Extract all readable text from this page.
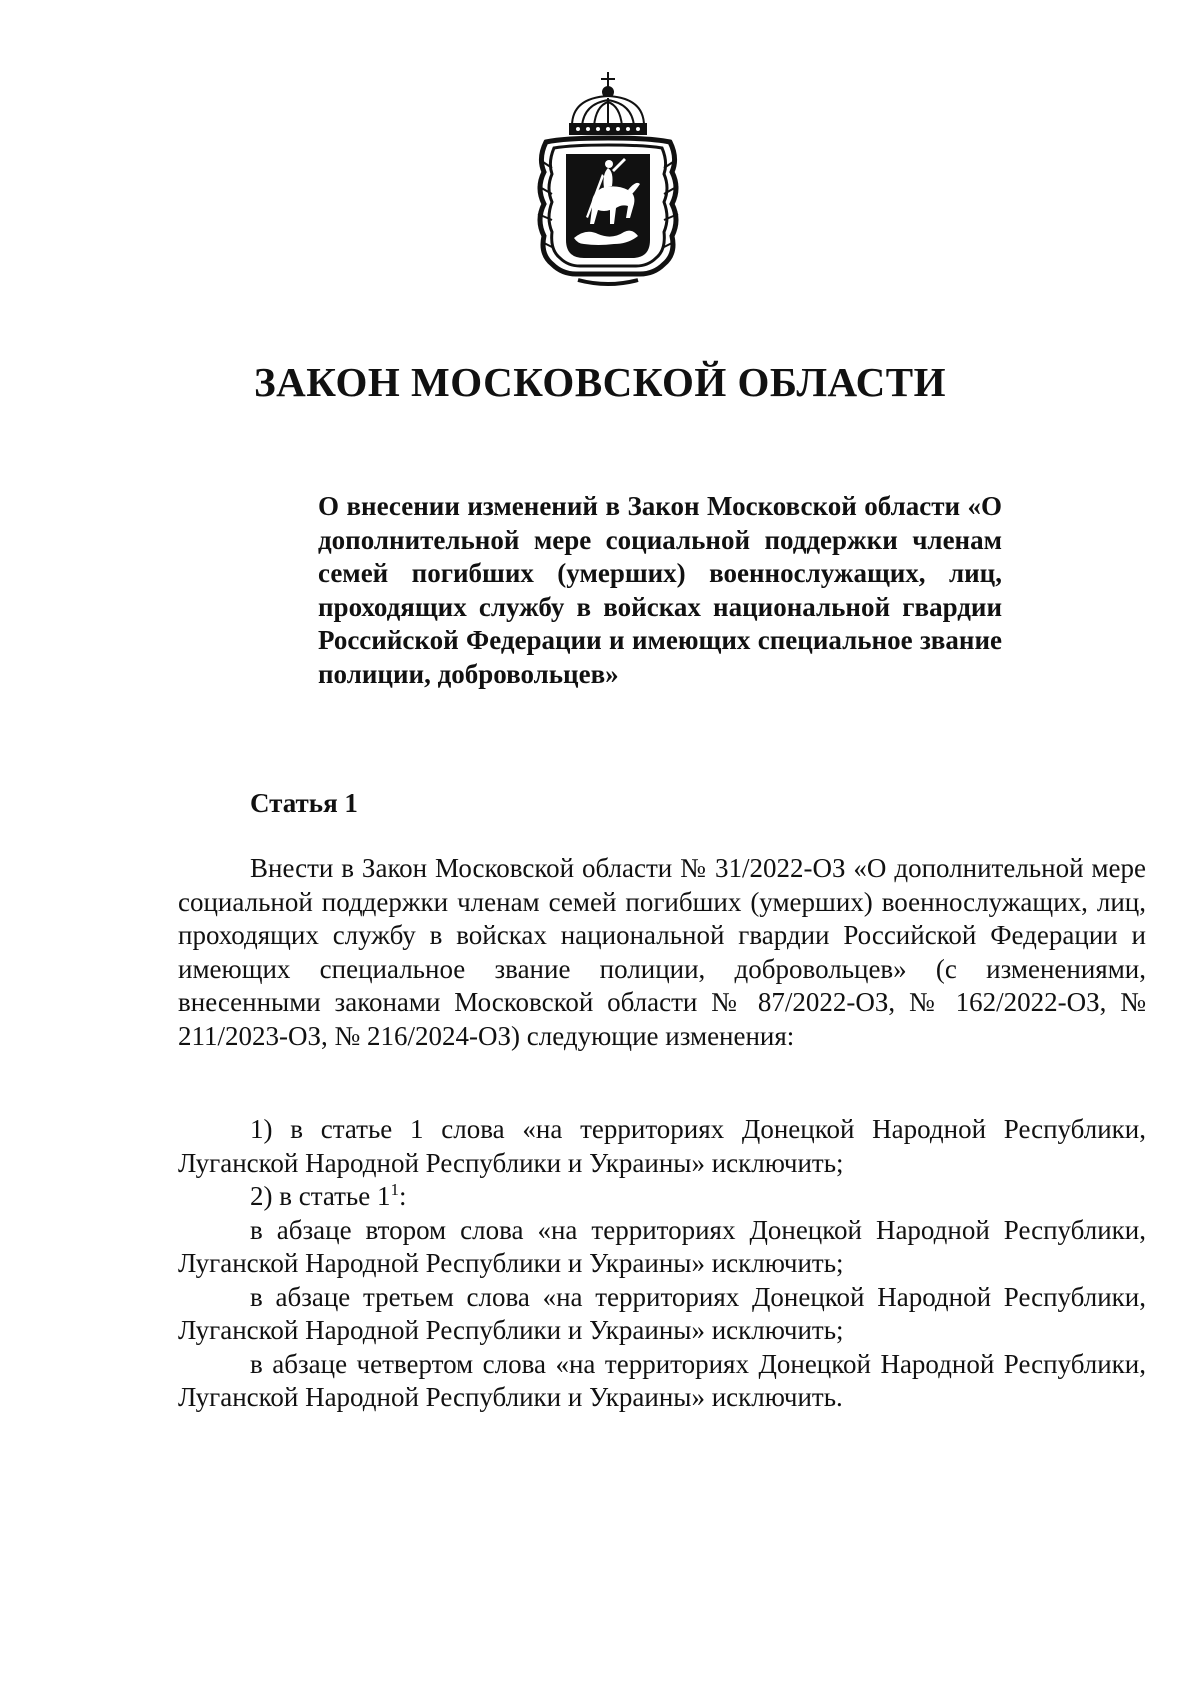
ЗАКОН МОСКОВСКОЙ ОБЛАСТИ
О внесении изменений в Закон Московской области «О дополнительной мере социальной поддержки членам семей погибших (умерших) военнослужащих, лиц, проходящих службу в войсках национальной гвардии Российской Федерации и имеющих специальное звание полиции, добровольцев»
Статья 1

Внести в Закон Московской области № 31/2022-ОЗ «О дополнительной мере социальной поддержки членам семей погибших (умерших) военнослужащих, лиц, проходящих службу в войсках национальной гвардии Российской Федерации и имеющих специальное звание полиции, добровольцев» (с изменениями, внесенными законами Московской области № 87/2022-ОЗ, № 162/2022-ОЗ, № 211/2023-ОЗ, № 216/2024-ОЗ) следующие изменения:

1) в статье 1 слова «на территориях Донецкой Народной Республики, Луганской Народной Республики и Украины» исключить;

2) в статье $1^1$:

в абзаце втором слова «на территориях Донецкой Народной Республики, Луганской Народной Республики и Украины» исключить;

в абзаце третьем слова «на территориях Донецкой Народной Республики, Луганской Народной Республики и Украины» исключить;

в абзаце четвертом слова «на территориях Донецкой Народной Республики, Луганской Народной Республики и Украины» исключить.
